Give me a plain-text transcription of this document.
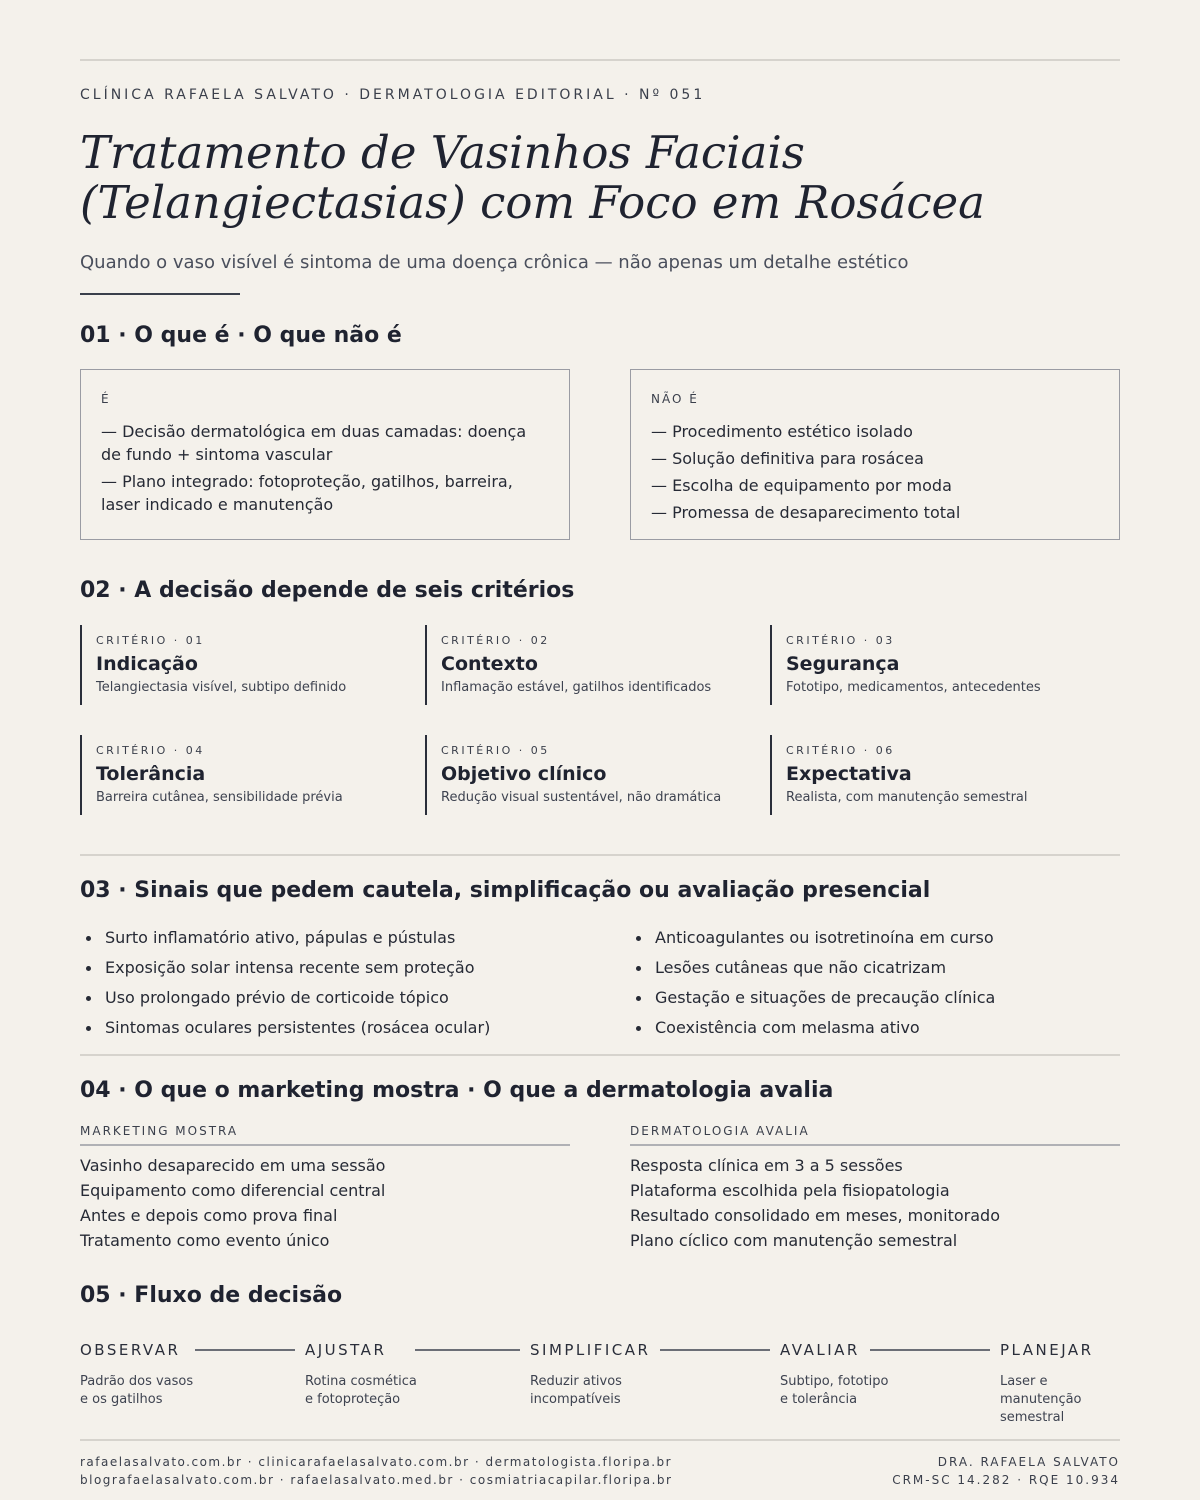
CLÍNICA RAFAELA SALVATO · DERMATOLOGIA EDITORIAL · Nº 051
Tratamento de Vasinhos Faciais
(Telangiectasias) com Foco em Rosácea
Quando o vaso visível é sintoma de uma doença crônica — não apenas um detalhe estético
01 · O que é · O que não é
É
— Decisão dermatológica em duas camadas: doença de fundo + sintoma vascular
— Plano integrado: fotoproteção, gatilhos, barreira, laser indicado e manutenção
NÃO É
— Procedimento estético isolado
— Solução definitiva para rosácea
— Escolha de equipamento por moda
— Promessa de desaparecimento total
02 · A decisão depende de seis critérios
CRITÉRIO · 01
Indicação
Telangiectasia visível, subtipo definido
CRITÉRIO · 02
Contexto
Inflamação estável, gatilhos identificados
CRITÉRIO · 03
Segurança
Fototipo, medicamentos, antecedentes
CRITÉRIO · 04
Tolerância
Barreira cutânea, sensibilidade prévia
CRITÉRIO · 05
Objetivo clínico
Redução visual sustentável, não dramática
CRITÉRIO · 06
Expectativa
Realista, com manutenção semestral
03 · Sinais que pedem cautela, simplificação ou avaliação presencial
Surto inflamatório ativo, pápulas e pústulas
Exposição solar intensa recente sem proteção
Uso prolongado prévio de corticoide tópico
Sintomas oculares persistentes (rosácea ocular)
Anticoagulantes ou isotretinoína em curso
Lesões cutâneas que não cicatrizam
Gestação e situações de precaução clínica
Coexistência com melasma ativo
04 · O que o marketing mostra · O que a dermatologia avalia
MARKETING MOSTRA
Vasinho desaparecido em uma sessão
Equipamento como diferencial central
Antes e depois como prova final
Tratamento como evento único
DERMATOLOGIA AVALIA
Resposta clínica em 3 a 5 sessões
Plataforma escolhida pela fisiopatologia
Resultado consolidado em meses, monitorado
Plano cíclico com manutenção semestral
05 · Fluxo de decisão
OBSERVAR
Padrão dos vasos
e os gatilhos
AJUSTAR
Rotina cosmética
e fotoproteção
SIMPLIFICAR
Reduzir ativos
incompatíveis
AVALIAR
Subtipo, fototipo
e tolerância
PLANEJAR
Laser e manutenção
semestral
rafaelasalvato.com.br · clinicarafaelasalvato.com.br · dermatologista.floripa.br
blografaelasalvato.com.br · rafaelasalvato.med.br · cosmiatriacapilar.floripa.br
DRA. RAFAELA SALVATO
CRM-SC 14.282 · RQE 10.934
